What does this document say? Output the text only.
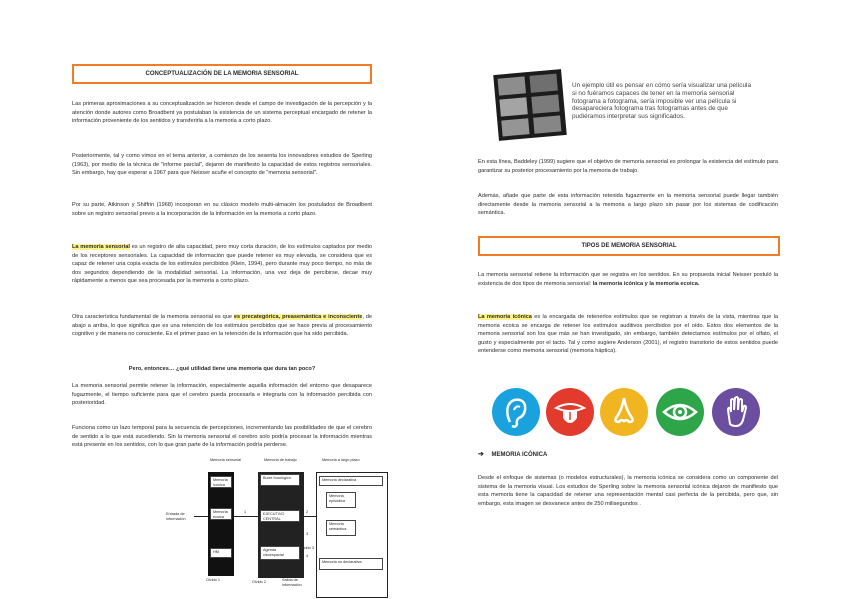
CONCEPTUALIZACIÓN DE LA MEMORIA SENSORIAL

Las primeras aproximaciones a su conceptualización se hicieron desde el campo de investigación de la percepción y la atención donde autores como Broadbent ya postulaban la existencia de un sistema perceptual encargado de retener la información proveniente de los sentidos y transferirla a la memoria a corto plazo.

Posteriormente, tal y como vimos en el tema anterior, a comienzo de los sesenta los innovadores estudios de Sperling (1963), por medio de la técnica de "informe parcial", dejaron de manifiesto la capacidad de estos registros sensoriales. Sin embargo, hay que esperar a 1967 para que Neisser acuñe el concepto de "memoria sensorial".

Por su parte, Atkinson y Shiffrin (1968) incorporan en su clásico modelo multi-almacén los postulados de Broadbent sobre un registro sensorial previo a la incorporación de la información en la memoria a corto plazo.

La memoria sensorial es un registro de alta capacidad, pero muy corta duración, de los estímulos captados por medio de los receptores sensoriales. La capacidad de información que puede retener es muy elevada, se considera que es capaz de retener una copia exacta de los estímulos percibidos (Klein, 1994), pero durante muy poco tiempo, no más de dos segundos dependiendo de la modalidad sensorial. La información, una vez deja de percibirse, decae muy rápidamente a menos que sea procesada por la memoria a corto plazo.

Otra característica fundamental de la memoria sensorial es que es precategórica, preasemántica e inconsciente, de abajo a arriba, lo que significa que es una retención de los estímulos percibidos que se hace previa al procesamiento cognitivo y de manera no consciente. Es el primer paso en la retención de la información que ha sido percibida.

Pero, entonces… ¿qué utilidad tiene una memoria que dura tan poco?

La memoria sensorial permite retener la información, especialmente aquella información del entorno que desaparece fugazmente, el tiempo suficiente para que el cerebro pueda procesarla e integrarla con la información percibida con posterioridad.

Funciona como un lazo temporal para la secuencia de percepciones, incrementando las posibilidades de que el cerebro de sentido a lo que está sucediendo. Sin la memoria sensorial el cerebro solo podría procesar la información mientras está presente en los sentidos, con lo que gran parte de la información podría perderse.

Memoria sensorial	Memoria de trabajo	Memoria a largo plazo
Memoria icónica
Memoria ecoica
HM
Bucle fonológico
EJECUTIVO CENTRAL
Agenda visoespacial
Memoria declarativa
Memoria episódica
Memoria semántica
Memoria no declarativa
Entrada de información
1	2
3
4
Olvido 1	Olvido 2
Olvido 3
Salida de información

Un ejemplo útil es pensar en cómo sería visualizar una película si no fuéramos capaces de tener en la memoria sensorial fotograma a fotograma, sería imposible ver una película si desapareciera fotograma tras fotogramas antes de que pudiéramos interpretar sus significados.

En esta línea, Baddeley (1999) sugiere que el objetivo de memoria sensorial es prolongar la existencia del estímulo para garantizar su posterior procesamiento por la memoria de trabajo.

Además, añade que parte de esta información retenida fugazmente en la memoria sensorial puede llegar también directamente desde la memoria sensorial a la memoria a largo plazo sin pasar por los sistemas de codificación semántica.

TIPOS DE MEMORIA SENSORIAL

La memoria sensorial retiene la información que se registra en los sentidos. En su propuesta inicial Neisser postuló la existencia de dos tipos de memoria sensorial: la memoria icónica y la memoria ecoica.

La memoria icónica es la encargada de retenerlos estímulos que se registran a través de la vista, mientras que la memoria ecoica se encarga de retener los estímulos auditivos percibidos por el oído. Estos dos elementos de la memoria sensorial son los que más se han investigado, sin embargo, también detectamos estímulos por el olfato, el gusto y especialmente por el tacto. Tal y como sugiere Anderson (2001), el registro transitorio de estos sentidos puede entenderse como memoria sensorial (memoria háptica).

➔ MEMORIA ICÓNICA

Desde el enfoque de sistemas (o modelos estructurales), la memoria icónica se considera como un componente del sistema de la memoria visual. Los estudios de Sperling sobre la memoria sensorial icónica dejaron de manifiesto que esta memoria tiene la capacidad de retener una representación mental casi perfecta de la percibida, pero que, sin embargo, esta imagen se desvanece antes de 250 milisegundos .
